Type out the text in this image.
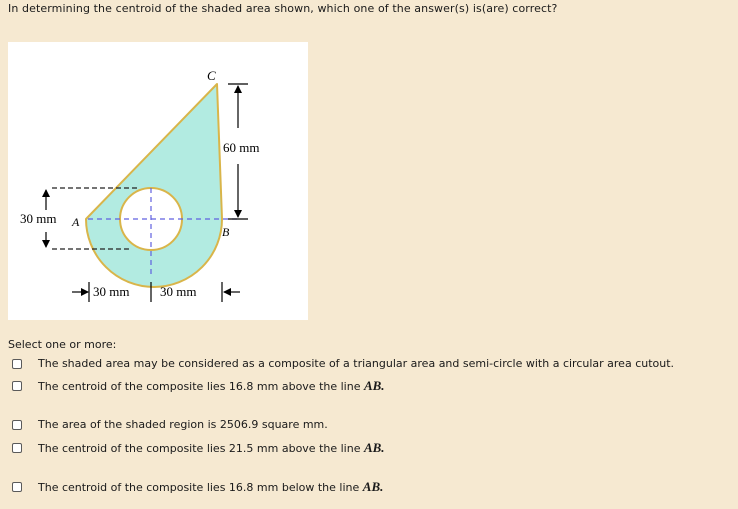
In determining the centroid of the shaded area shown, which one of the answer(s) is(are) correct?
C
A
B
60 mm
30 mm
30 mm 30 mm
Select one or more:
The shaded area may be considered as a composite of a triangular area and semi-circle with a circular area cutout.
The centroid of the composite lies 16.8 mm above the line AB.
The area of the shaded region is 2506.9 square mm.
The centroid of the composite lies 21.5 mm above the line AB.
The centroid of the composite lies 16.8 mm below the line AB.
